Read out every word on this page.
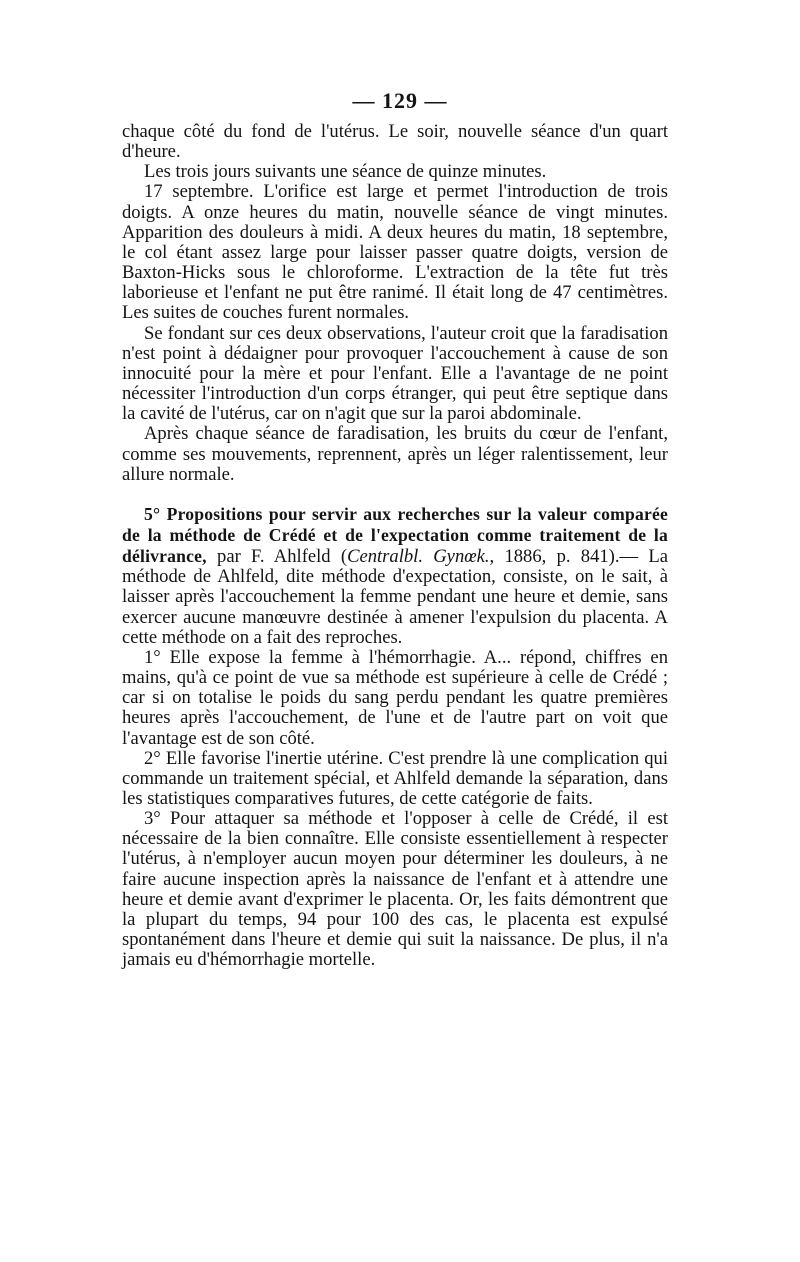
— 129 —

chaque côté du fond de l'utérus. Le soir, nouvelle séance d'un quart d'heure.

Les trois jours suivants une séance de quinze minutes.

17 septembre. L'orifice est large et permet l'introduction de trois doigts. A onze heures du matin, nouvelle séance de vingt minutes. Apparition des douleurs à midi. A deux heures du matin, 18 septembre, le col étant assez large pour laisser passer quatre doigts, version de Baxton-Hicks sous le chloroforme. L'extraction de la tête fut très laborieuse et l'enfant ne put être ranimé. Il était long de 47 centimètres. Les suites de couches furent normales.

Se fondant sur ces deux observations, l'auteur croit que la faradisation n'est point à dédaigner pour provoquer l'accouchement à cause de son innocuité pour la mère et pour l'enfant. Elle a l'avantage de ne point nécessiter l'introduction d'un corps étranger, qui peut être septique dans la cavité de l'utérus, car on n'agit que sur la paroi abdominale.

Après chaque séance de faradisation, les bruits du cœur de l'enfant, comme ses mouvements, reprennent, après un léger ralentissement, leur allure normale.

5° Propositions pour servir aux recherches sur la valeur comparée de la méthode de Crédé et de l'expectation comme traitement de la délivrance, par F. Ahlfeld (Centralbl. Gynœk., 1886, p. 841).— La méthode de Ahlfeld, dite méthode d'expectation, consiste, on le sait, à laisser après l'accouchement la femme pendant une heure et demie, sans exercer aucune manœuvre destinée à amener l'expulsion du placenta. A cette méthode on a fait des reproches.

1° Elle expose la femme à l'hémorrhagie. A... répond, chiffres en mains, qu'à ce point de vue sa méthode est supérieure à celle de Crédé ; car si on totalise le poids du sang perdu pendant les quatre premières heures après l'accouchement, de l'une et de l'autre part on voit que l'avantage est de son côté.

2° Elle favorise l'inertie utérine. C'est prendre là une complication qui commande un traitement spécial, et Ahlfeld demande la séparation, dans les statistiques comparatives futures, de cette catégorie de faits.

3° Pour attaquer sa méthode et l'opposer à celle de Crédé, il est nécessaire de la bien connaître. Elle consiste essentiellement à respecter l'utérus, à n'employer aucun moyen pour déterminer les douleurs, à ne faire aucune inspection après la naissance de l'enfant et à attendre une heure et demie avant d'exprimer le placenta. Or, les faits démontrent que la plupart du temps, 94 pour 100 des cas, le placenta est expulsé spontanément dans l'heure et demie qui suit la naissance. De plus, il n'a jamais eu d'hémorrhagie mortelle.
